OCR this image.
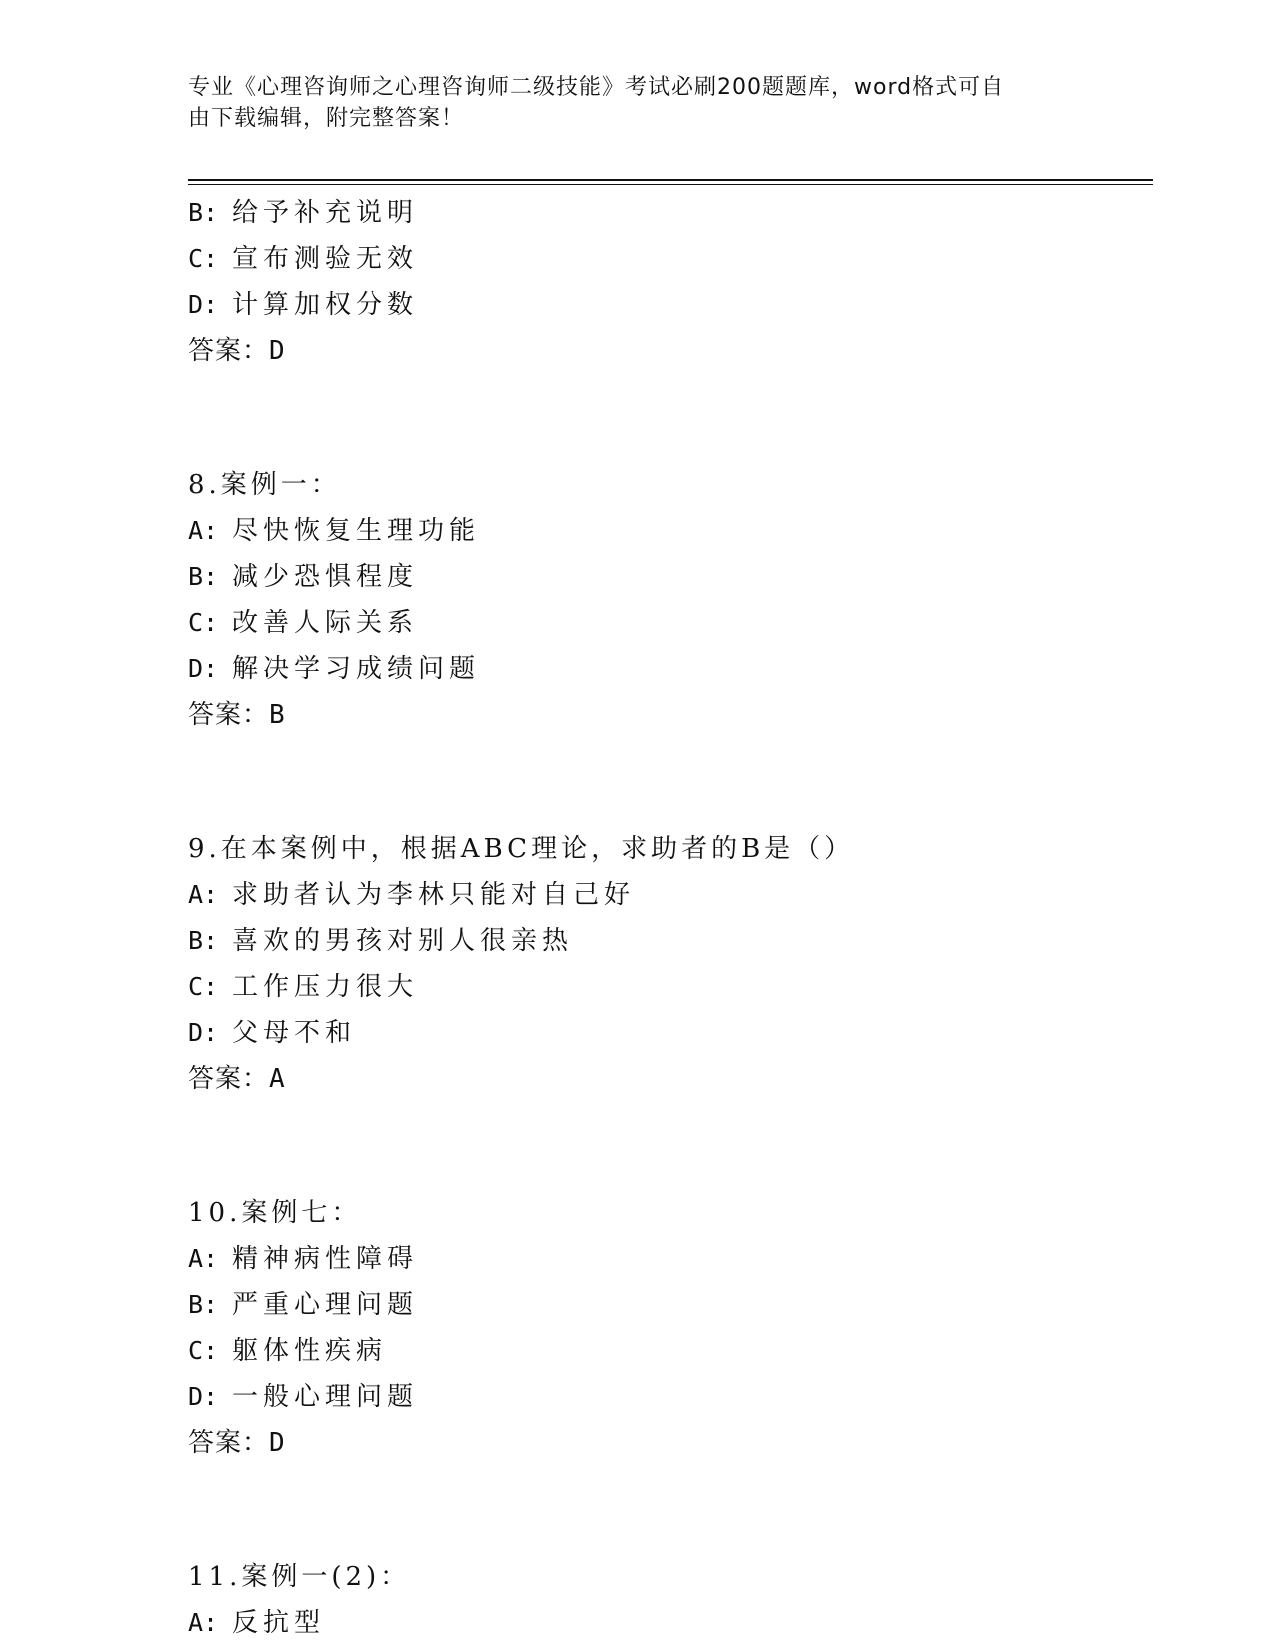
专业《心理咨询师之心理咨询师二级技能》考试必刷200题题库，word格式可自
由下载编辑，附完整答案！
B: 给予补充说明
C: 宣布测验无效
D: 计算加权分数
答案：D
8.案例一：
A: 尽快恢复生理功能
B: 减少恐惧程度
C: 改善人际关系
D: 解决学习成绩问题
答案：B
9.在本案例中，根据ABC理论，求助者的B是（）
A: 求助者认为李林只能对自己好
B: 喜欢的男孩对别人很亲热
C: 工作压力很大
D: 父母不和
答案：A
10.案例七：
A: 精神病性障碍
B: 严重心理问题
C: 躯体性疾病
D: 一般心理问题
答案：D
11.案例一(2)：
A: 反抗型
